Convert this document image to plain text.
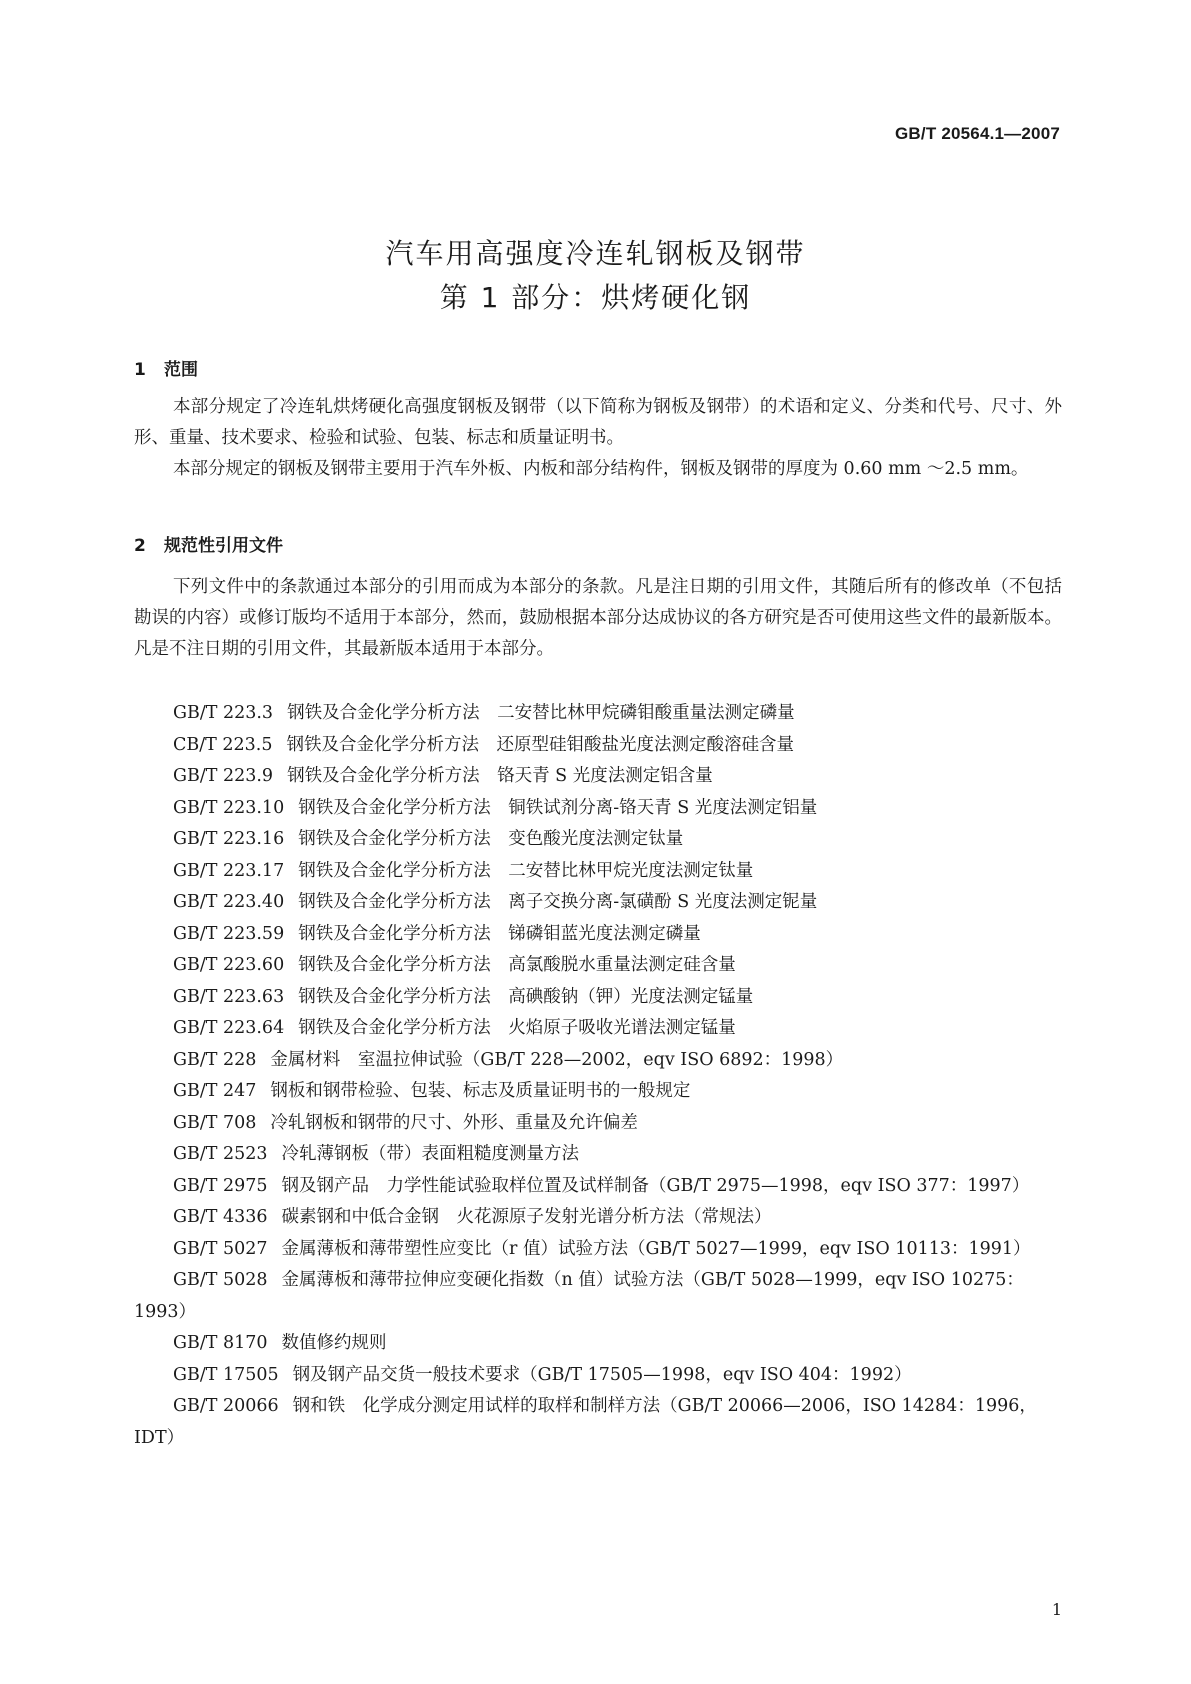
GB/T 20564.1—2007
汽车用高强度冷连轧钢板及钢带
第 1 部分：烘烤硬化钢
1 范围

本部分规定了冷连轧烘烤硬化高强度钢板及钢带（以下简称为钢板及钢带）的术语和定义、分类和代号、尺寸、外形、重量、技术要求、检验和试验、包装、标志和质量证明书。

本部分规定的钢板及钢带主要用于汽车外板、内板和部分结构件，钢板及钢带的厚度为 0.60 mm ～2.5 mm。

2 规范性引用文件

下列文件中的条款通过本部分的引用而成为本部分的条款。凡是注日期的引用文件，其随后所有的修改单（不包括勘误的内容）或修订版均不适用于本部分，然而，鼓励根据本部分达成协议的各方研究是否可使用这些文件的最新版本。凡是不注日期的引用文件，其最新版本适用于本部分。

GB/T 223.3 钢铁及合金化学分析方法　二安替比林甲烷磷钼酸重量法测定磷量
CB/T 223.5 钢铁及合金化学分析方法　还原型硅钼酸盐光度法测定酸溶硅含量
GB/T 223.9 钢铁及合金化学分析方法　铬天青 S 光度法测定铝含量
GB/T 223.10 钢铁及合金化学分析方法　铜铁试剂分离-铬天青 S 光度法测定铝量
GB/T 223.16 钢铁及合金化学分析方法　变色酸光度法测定钛量
GB/T 223.17 钢铁及合金化学分析方法　二安替比林甲烷光度法测定钛量
GB/T 223.40 钢铁及合金化学分析方法　离子交换分离-氯磺酚 S 光度法测定铌量
GB/T 223.59 钢铁及合金化学分析方法　锑磷钼蓝光度法测定磷量
GB/T 223.60 钢铁及合金化学分析方法　高氯酸脱水重量法测定硅含量
GB/T 223.63 钢铁及合金化学分析方法　高碘酸钠（钾）光度法测定锰量
GB/T 223.64 钢铁及合金化学分析方法　火焰原子吸收光谱法测定锰量
GB/T 228 金属材料　室温拉伸试验（GB/T 228—2002，eqv ISO 6892：1998）
GB/T 247 钢板和钢带检验、包装、标志及质量证明书的一般规定
GB/T 708 冷轧钢板和钢带的尺寸、外形、重量及允许偏差
GB/T 2523 冷轧薄钢板（带）表面粗糙度测量方法
GB/T 2975 钢及钢产品　力学性能试验取样位置及试样制备（GB/T 2975—1998，eqv ISO 377：1997）
GB/T 4336 碳素钢和中低合金钢　火花源原子发射光谱分析方法（常规法）
GB/T 5027 金属薄板和薄带塑性应变比（r 值）试验方法（GB/T 5027—1999，eqv ISO 10113：1991）
GB/T 5028 金属薄板和薄带拉伸应变硬化指数（n 值）试验方法（GB/T 5028—1999，eqv ISO 10275：1993）
GB/T 8170 数值修约规则
GB/T 17505 钢及钢产品交货一般技术要求（GB/T 17505—1998，eqv ISO 404：1992）
GB/T 20066 钢和铁　化学成分测定用试样的取样和制样方法（GB/T 20066—2006，ISO 14284：1996，IDT）
1
